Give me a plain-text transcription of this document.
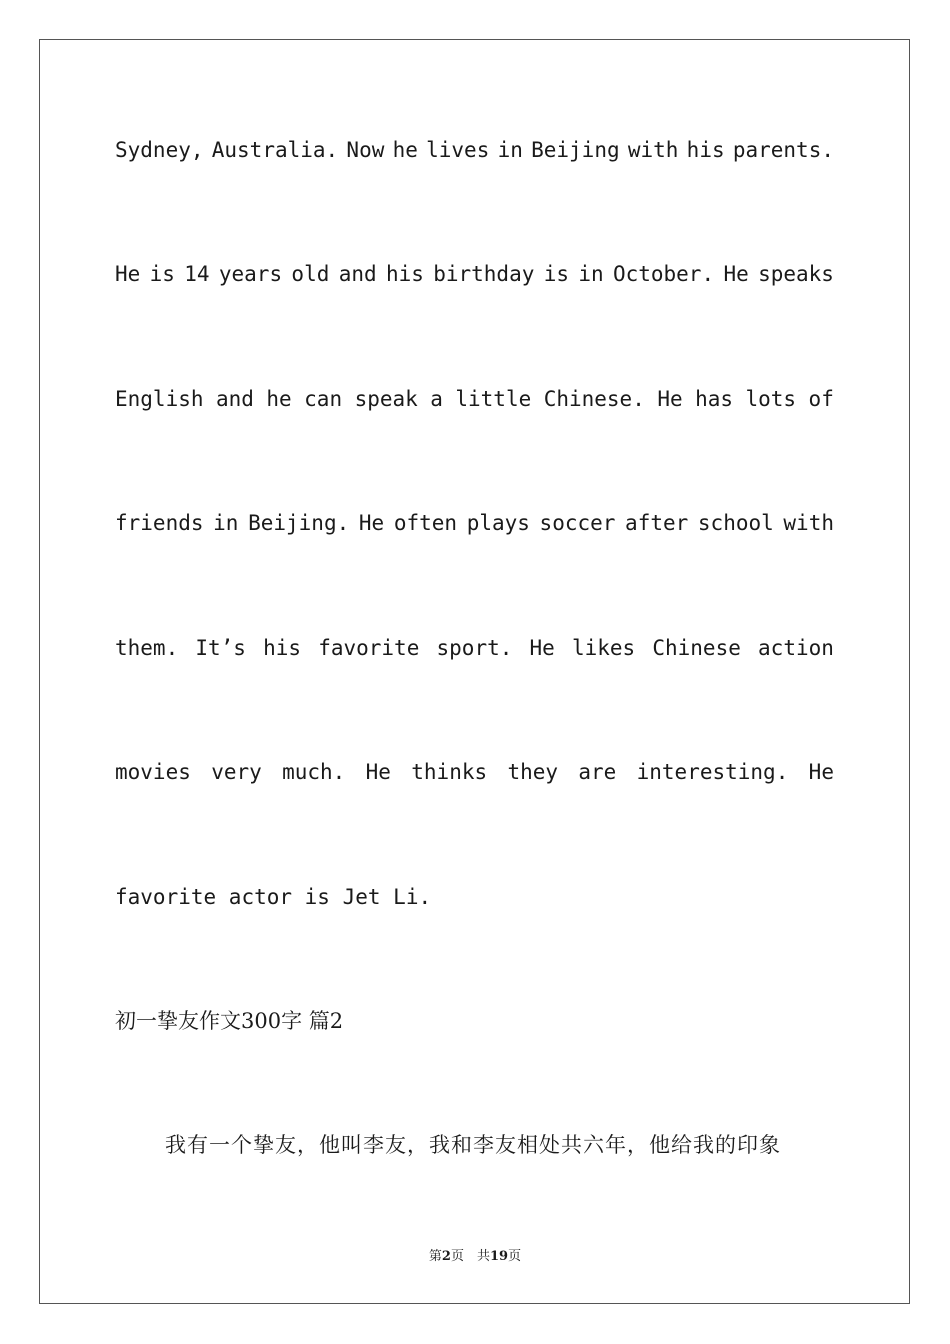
Sydney, Australia. Now he lives in Beijing with his parents.
He is 14 years old and his birthday is in October. He speaks
English and he can speak a little Chinese. He has lots of
friends in Beijing. He often plays soccer after school with
them. It’s his favorite sport. He likes Chinese action
movies very much. He thinks they are interesting. He
favorite actor is Jet Li.
初一挚友作文300字 篇2
我有一个挚友，他叫李友，我和李友相处共六年，他给我的印象
第2页　共19页
